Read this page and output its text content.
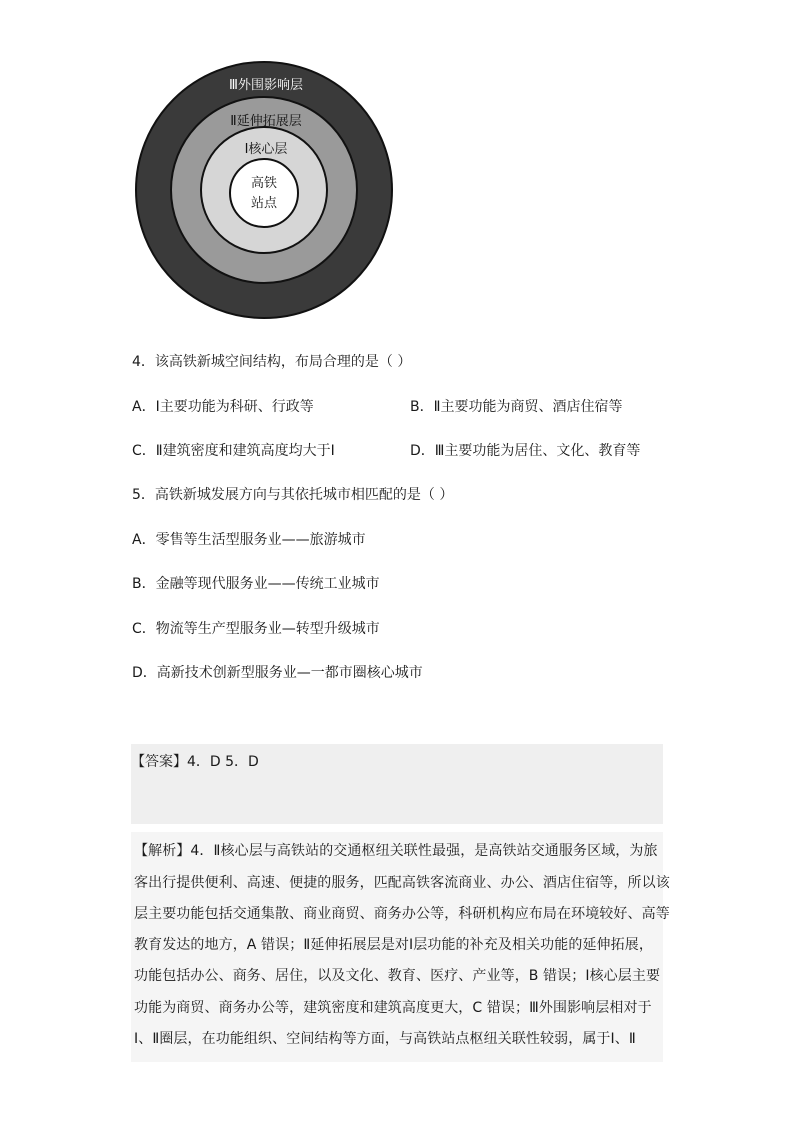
Ⅲ外围影响层
Ⅱ延伸拓展层
Ⅰ核心层
高铁
站点
4．该高铁新城空间结构，布局合理的是（ ）
A．Ⅰ主要功能为科研、行政等	B．Ⅱ主要功能为商贸、酒店住宿等
C．Ⅱ建筑密度和建筑高度均大于Ⅰ	D．Ⅲ主要功能为居住、文化、教育等
5．高铁新城发展方向与其依托城市相匹配的是（ ）
A．零售等生活型服务业——旅游城市
B．金融等现代服务业——传统工业城市
C．物流等生产型服务业—转型升级城市
D．高新技术创新型服务业—一都市圈核心城市
【答案】4．D 5．D
【解析】4．Ⅱ核心层与高铁站的交通枢纽关联性最强，是高铁站交通服务区域，为旅
客出行提供便利、高速、便捷的服务，匹配高铁客流商业、办公、酒店住宿等，所以该
层主要功能包括交通集散、商业商贸、商务办公等，科研机构应布局在环境较好、高等
教育发达的地方，A 错误；Ⅱ延伸拓展层是对Ⅰ层功能的补充及相关功能的延伸拓展，
功能包括办公、商务、居住，以及文化、教育、医疗、产业等，B 错误；Ⅰ核心层主要
功能为商贸、商务办公等，建筑密度和建筑高度更大，C 错误；Ⅲ外围影响层相对于
Ⅰ、Ⅱ圈层，在功能组织、空间结构等方面，与高铁站点枢纽关联性较弱，属于Ⅰ、Ⅱ
